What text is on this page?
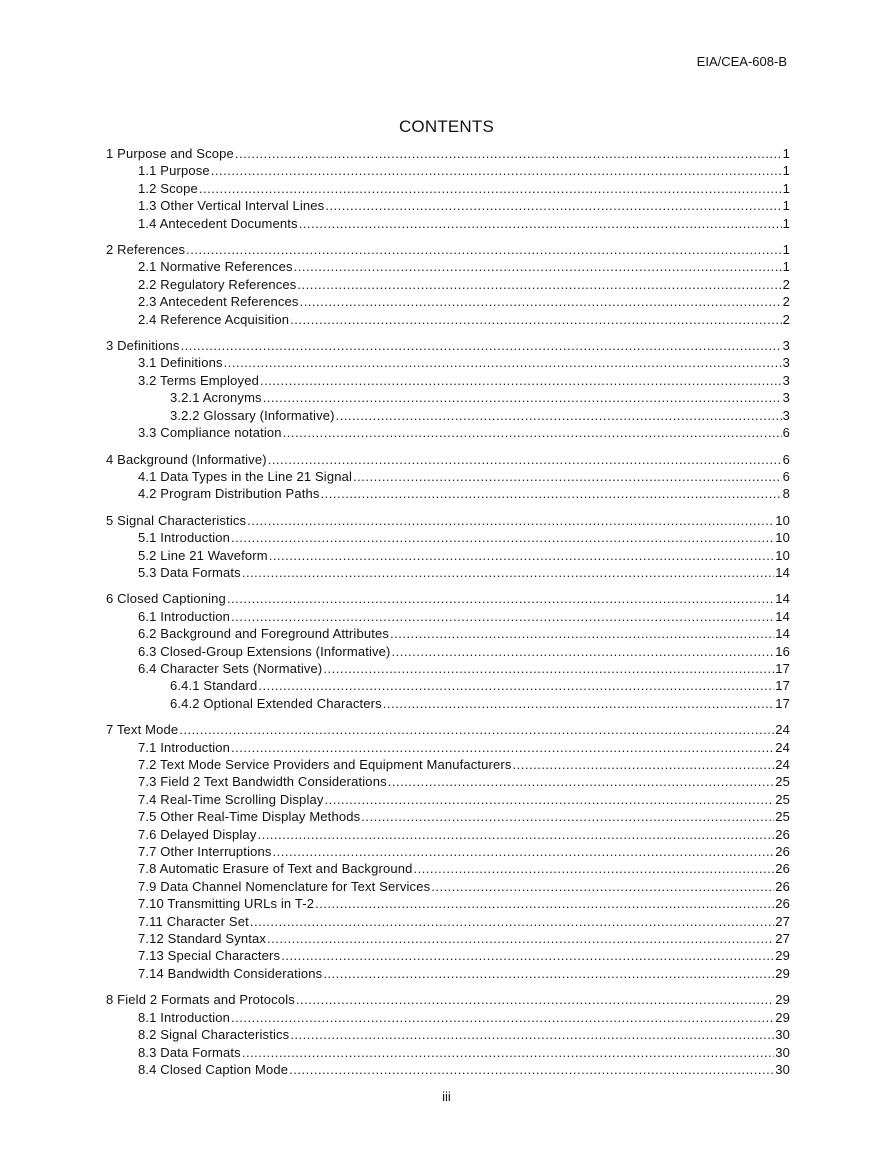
EIA/CEA-608-B
CONTENTS
1 Purpose and Scope .....	1
1.1 Purpose .....	1
1.2 Scope .....	1
1.3 Other Vertical Interval Lines .....	1
1.4 Antecedent Documents .....	1
2 References .....	1
2.1 Normative References .....	1
2.2 Regulatory References .....	2
2.3 Antecedent References .....	2
2.4 Reference Acquisition .....	2
3 Definitions .....	3
3.1 Definitions .....	3
3.2 Terms Employed .....	3
3.2.1 Acronyms .....	3
3.2.2 Glossary (Informative) .....	3
3.3 Compliance notation .....	6
4 Background (Informative) .....	6
4.1 Data Types in the Line 21 Signal .....	6
4.2 Program Distribution Paths .....	8
5 Signal Characteristics .....	10
5.1 Introduction .....	10
5.2 Line 21 Waveform .....	10
5.3 Data Formats .....	14
6 Closed Captioning .....	14
6.1 Introduction .....	14
6.2 Background and Foreground Attributes .....	14
6.3 Closed-Group Extensions (Informative) .....	16
6.4 Character Sets (Normative) .....	17
6.4.1 Standard .....	17
6.4.2 Optional Extended Characters .....	17
7 Text Mode .....	24
7.1 Introduction .....	24
7.2 Text Mode Service Providers and Equipment Manufacturers .....	24
7.3 Field 2 Text Bandwidth Considerations .....	25
7.4 Real-Time Scrolling Display .....	25
7.5 Other Real-Time Display Methods .....	25
7.6 Delayed Display .....	26
7.7 Other Interruptions .....	26
7.8 Automatic Erasure of Text and Background .....	26
7.9 Data Channel Nomenclature for Text Services .....	26
7.10 Transmitting URLs in T-2 .....	26
7.11 Character Set .....	27
7.12 Standard Syntax .....	27
7.13 Special Characters .....	29
7.14 Bandwidth Considerations .....	29
8 Field 2 Formats and Protocols .....	29
8.1 Introduction .....	29
8.2 Signal Characteristics .....	30
8.3 Data Formats .....	30
8.4 Closed Caption Mode .....	30
iii
